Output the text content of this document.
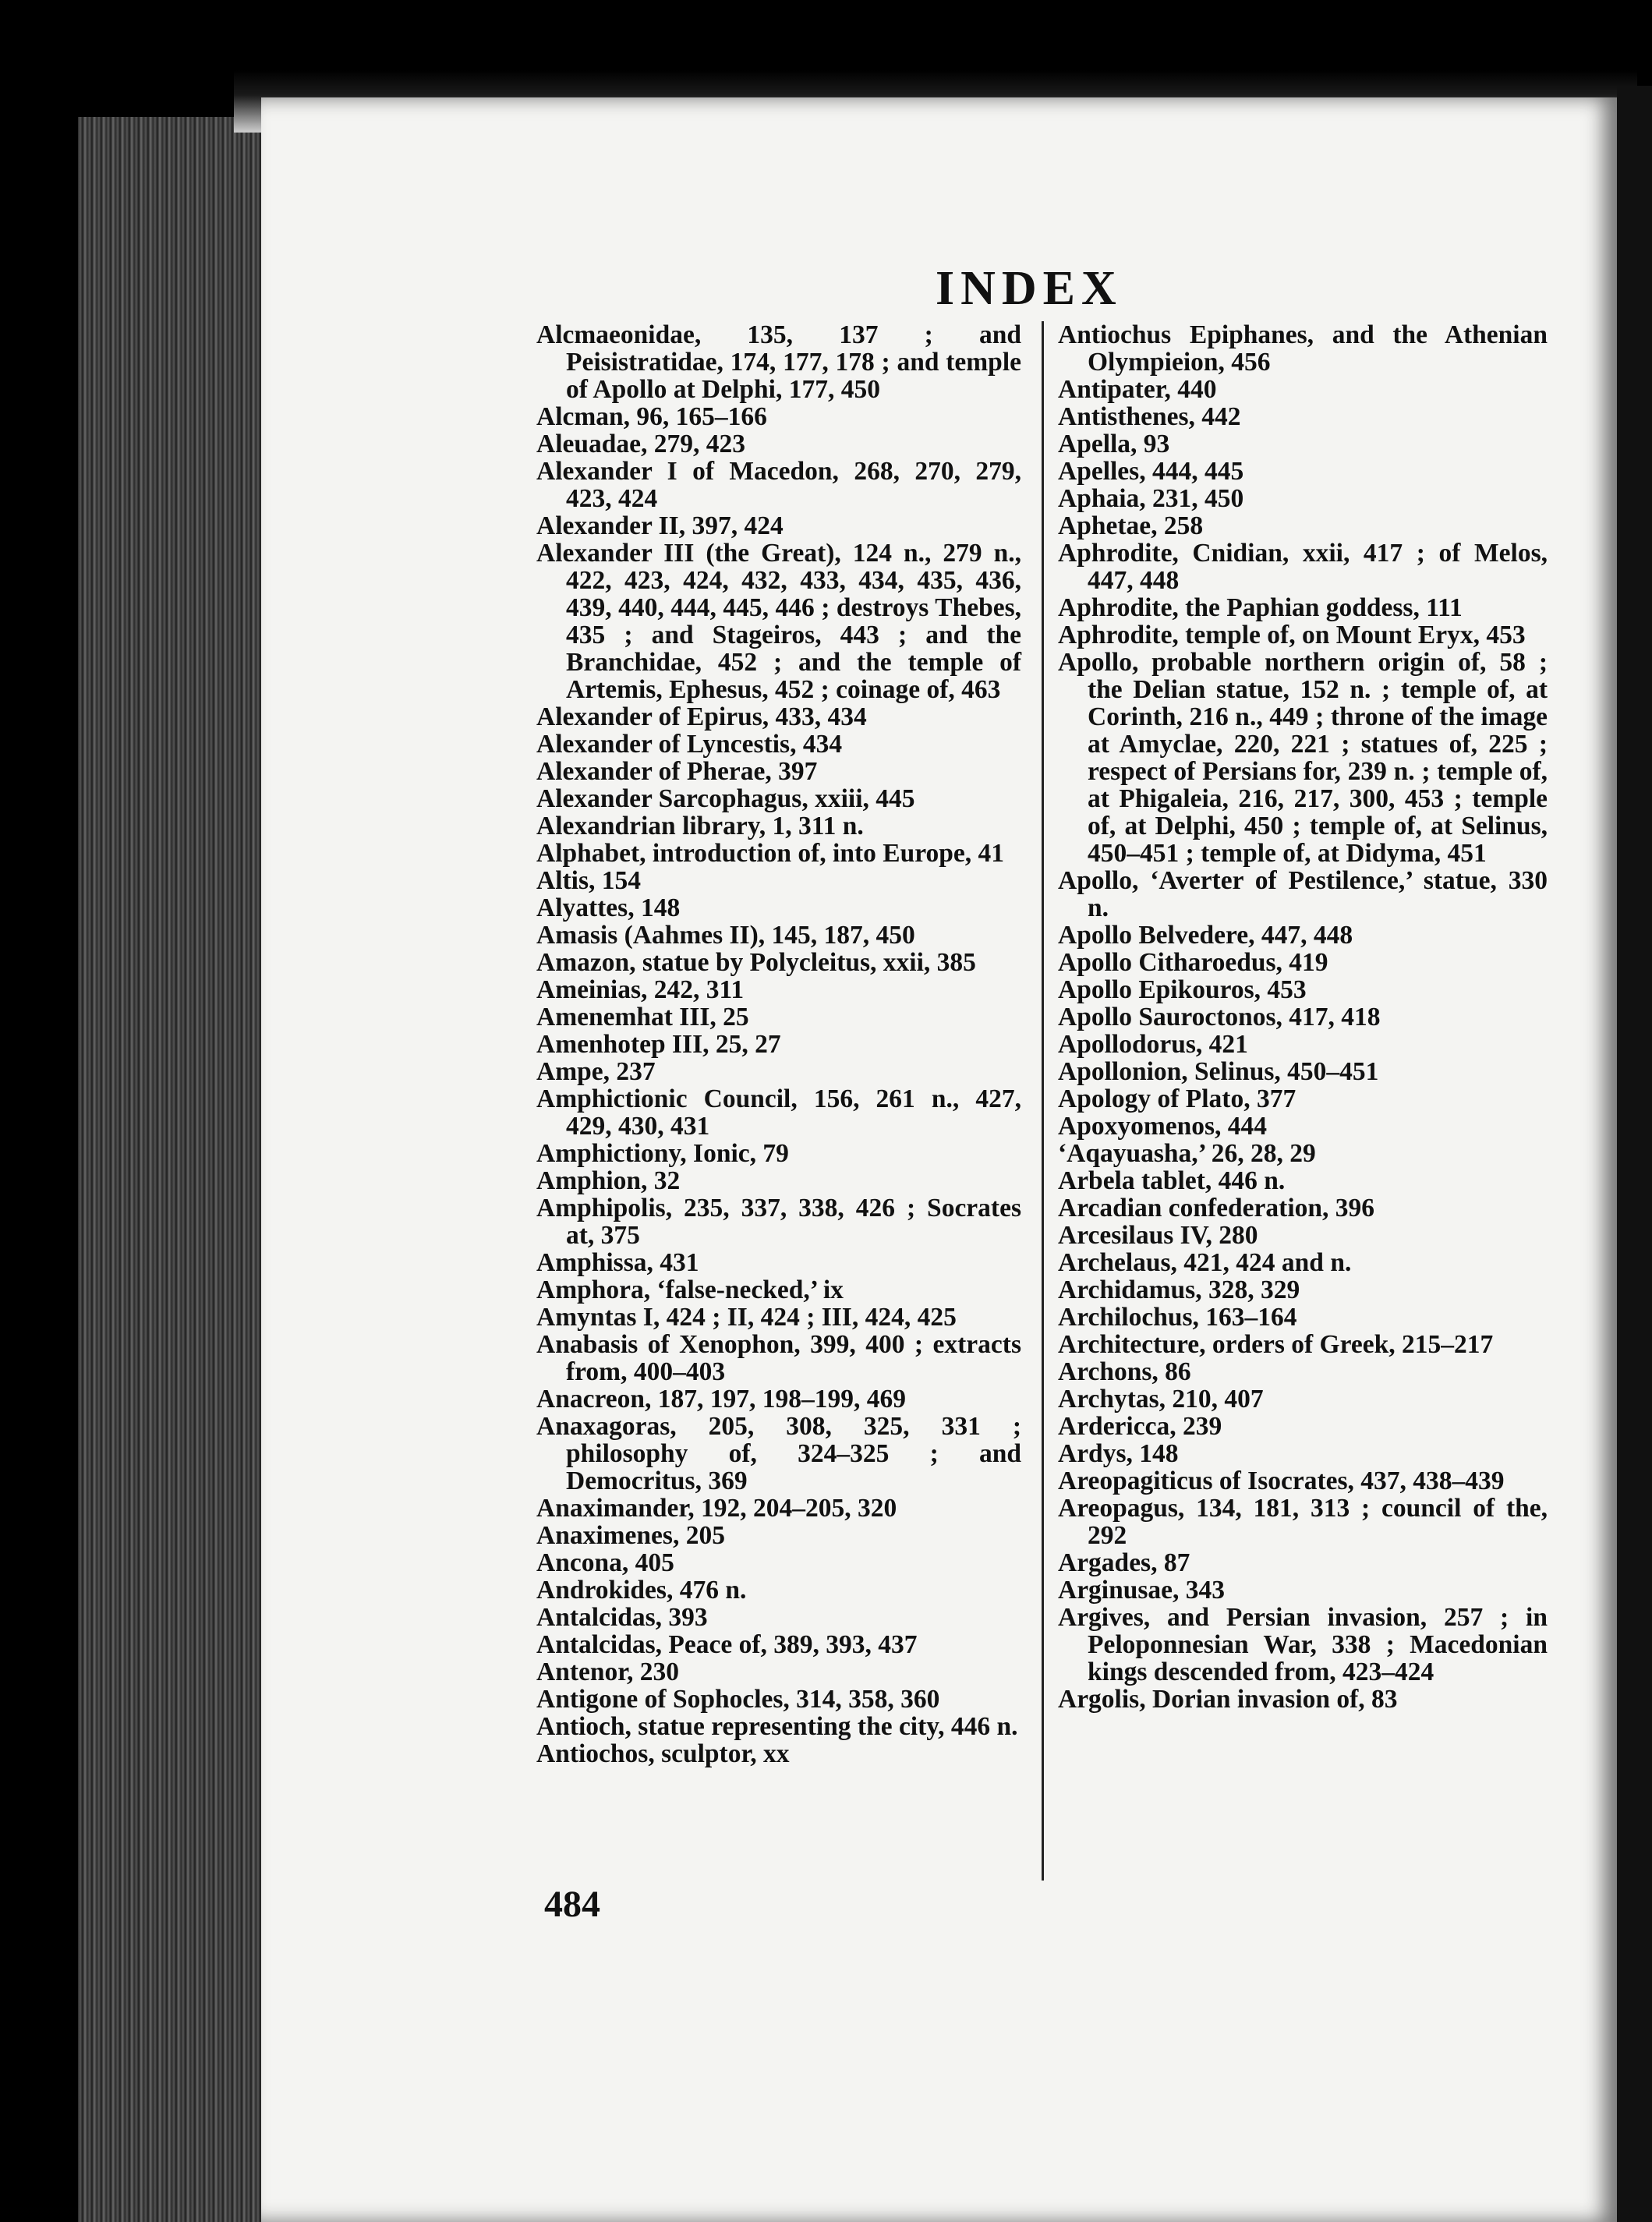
INDEX
Alcmaeonidae, 135, 137 ; and Peisistratidae, 174, 177, 178 ; and temple of Apollo at Delphi, 177, 450
Alcman, 96, 165–166
Aleuadae, 279, 423
Alexander I of Macedon, 268, 270, 279, 423, 424
Alexander II, 397, 424
Alexander III (the Great), 124 n., 279 n., 422, 423, 424, 432, 433, 434, 435, 436, 439, 440, 444, 445, 446 ; destroys Thebes, 435 ; and Stageiros, 443 ; and the Branchidae, 452 ; and the temple of Artemis, Ephesus, 452 ; coinage of, 463
Alexander of Epirus, 433, 434
Alexander of Lyncestis, 434
Alexander of Pherae, 397
Alexander Sarcophagus, xxiii, 445
Alexandrian library, 1, 311 n.
Alphabet, introduction of, into Europe, 41
Altis, 154
Alyattes, 148
Amasis (Aahmes II), 145, 187, 450
Amazon, statue by Polycleitus, xxii, 385
Ameinias, 242, 311
Amenemhat III, 25
Amenhotep III, 25, 27
Ampe, 237
Amphictionic Council, 156, 261 n., 427, 429, 430, 431
Amphictiony, Ionic, 79
Amphion, 32
Amphipolis, 235, 337, 338, 426 ; Socrates at, 375
Amphissa, 431
Amphora, ‘false-necked,’ ix
Amyntas I, 424 ; II, 424 ; III, 424, 425
Anabasis of Xenophon, 399, 400 ; extracts from, 400–403
Anacreon, 187, 197, 198–199, 469
Anaxagoras, 205, 308, 325, 331 ; philosophy of, 324–325 ; and Democritus, 369
Anaximander, 192, 204–205, 320
Anaximenes, 205
Ancona, 405
Androkides, 476 n.
Antalcidas, 393
Antalcidas, Peace of, 389, 393, 437
Antenor, 230
Antigone of Sophocles, 314, 358, 360
Antioch, statue representing the city, 446 n.
Antiochos, sculptor, xx
Antiochus Epiphanes, and the Athenian Olympieion, 456
Antipater, 440
Antisthenes, 442
Apella, 93
Apelles, 444, 445
Aphaia, 231, 450
Aphetae, 258
Aphrodite, Cnidian, xxii, 417 ; of Melos, 447, 448
Aphrodite, the Paphian goddess, 111
Aphrodite, temple of, on Mount Eryx, 453
Apollo, probable northern origin of, 58 ; the Delian statue, 152 n. ; temple of, at Corinth, 216 n., 449 ; throne of the image at Amyclae, 220, 221 ; statues of, 225 ; respect of Persians for, 239 n. ; temple of, at Phigaleia, 216, 217, 300, 453 ; temple of, at Delphi, 450 ; temple of, at Selinus, 450–451 ; temple of, at Didyma, 451
Apollo, ‘Averter of Pestilence,’ statue, 330 n.
Apollo Belvedere, 447, 448
Apollo Citharoedus, 419
Apollo Epikouros, 453
Apollo Sauroctonos, 417, 418
Apollodorus, 421
Apollonion, Selinus, 450–451
Apology of Plato, 377
Apoxyomenos, 444
‘Aqayuasha,’ 26, 28, 29
Arbela tablet, 446 n.
Arcadian confederation, 396
Arcesilaus IV, 280
Archelaus, 421, 424 and n.
Archidamus, 328, 329
Archilochus, 163–164
Architecture, orders of Greek, 215–217
Archons, 86
Archytas, 210, 407
Ardericca, 239
Ardys, 148
Areopagiticus of Isocrates, 437, 438–439
Areopagus, 134, 181, 313 ; council of the, 292
Argades, 87
Arginusae, 343
Argives, and Persian invasion, 257 ; in Peloponnesian War, 338 ; Macedonian kings descended from, 423–424
Argolis, Dorian invasion of, 83
484
